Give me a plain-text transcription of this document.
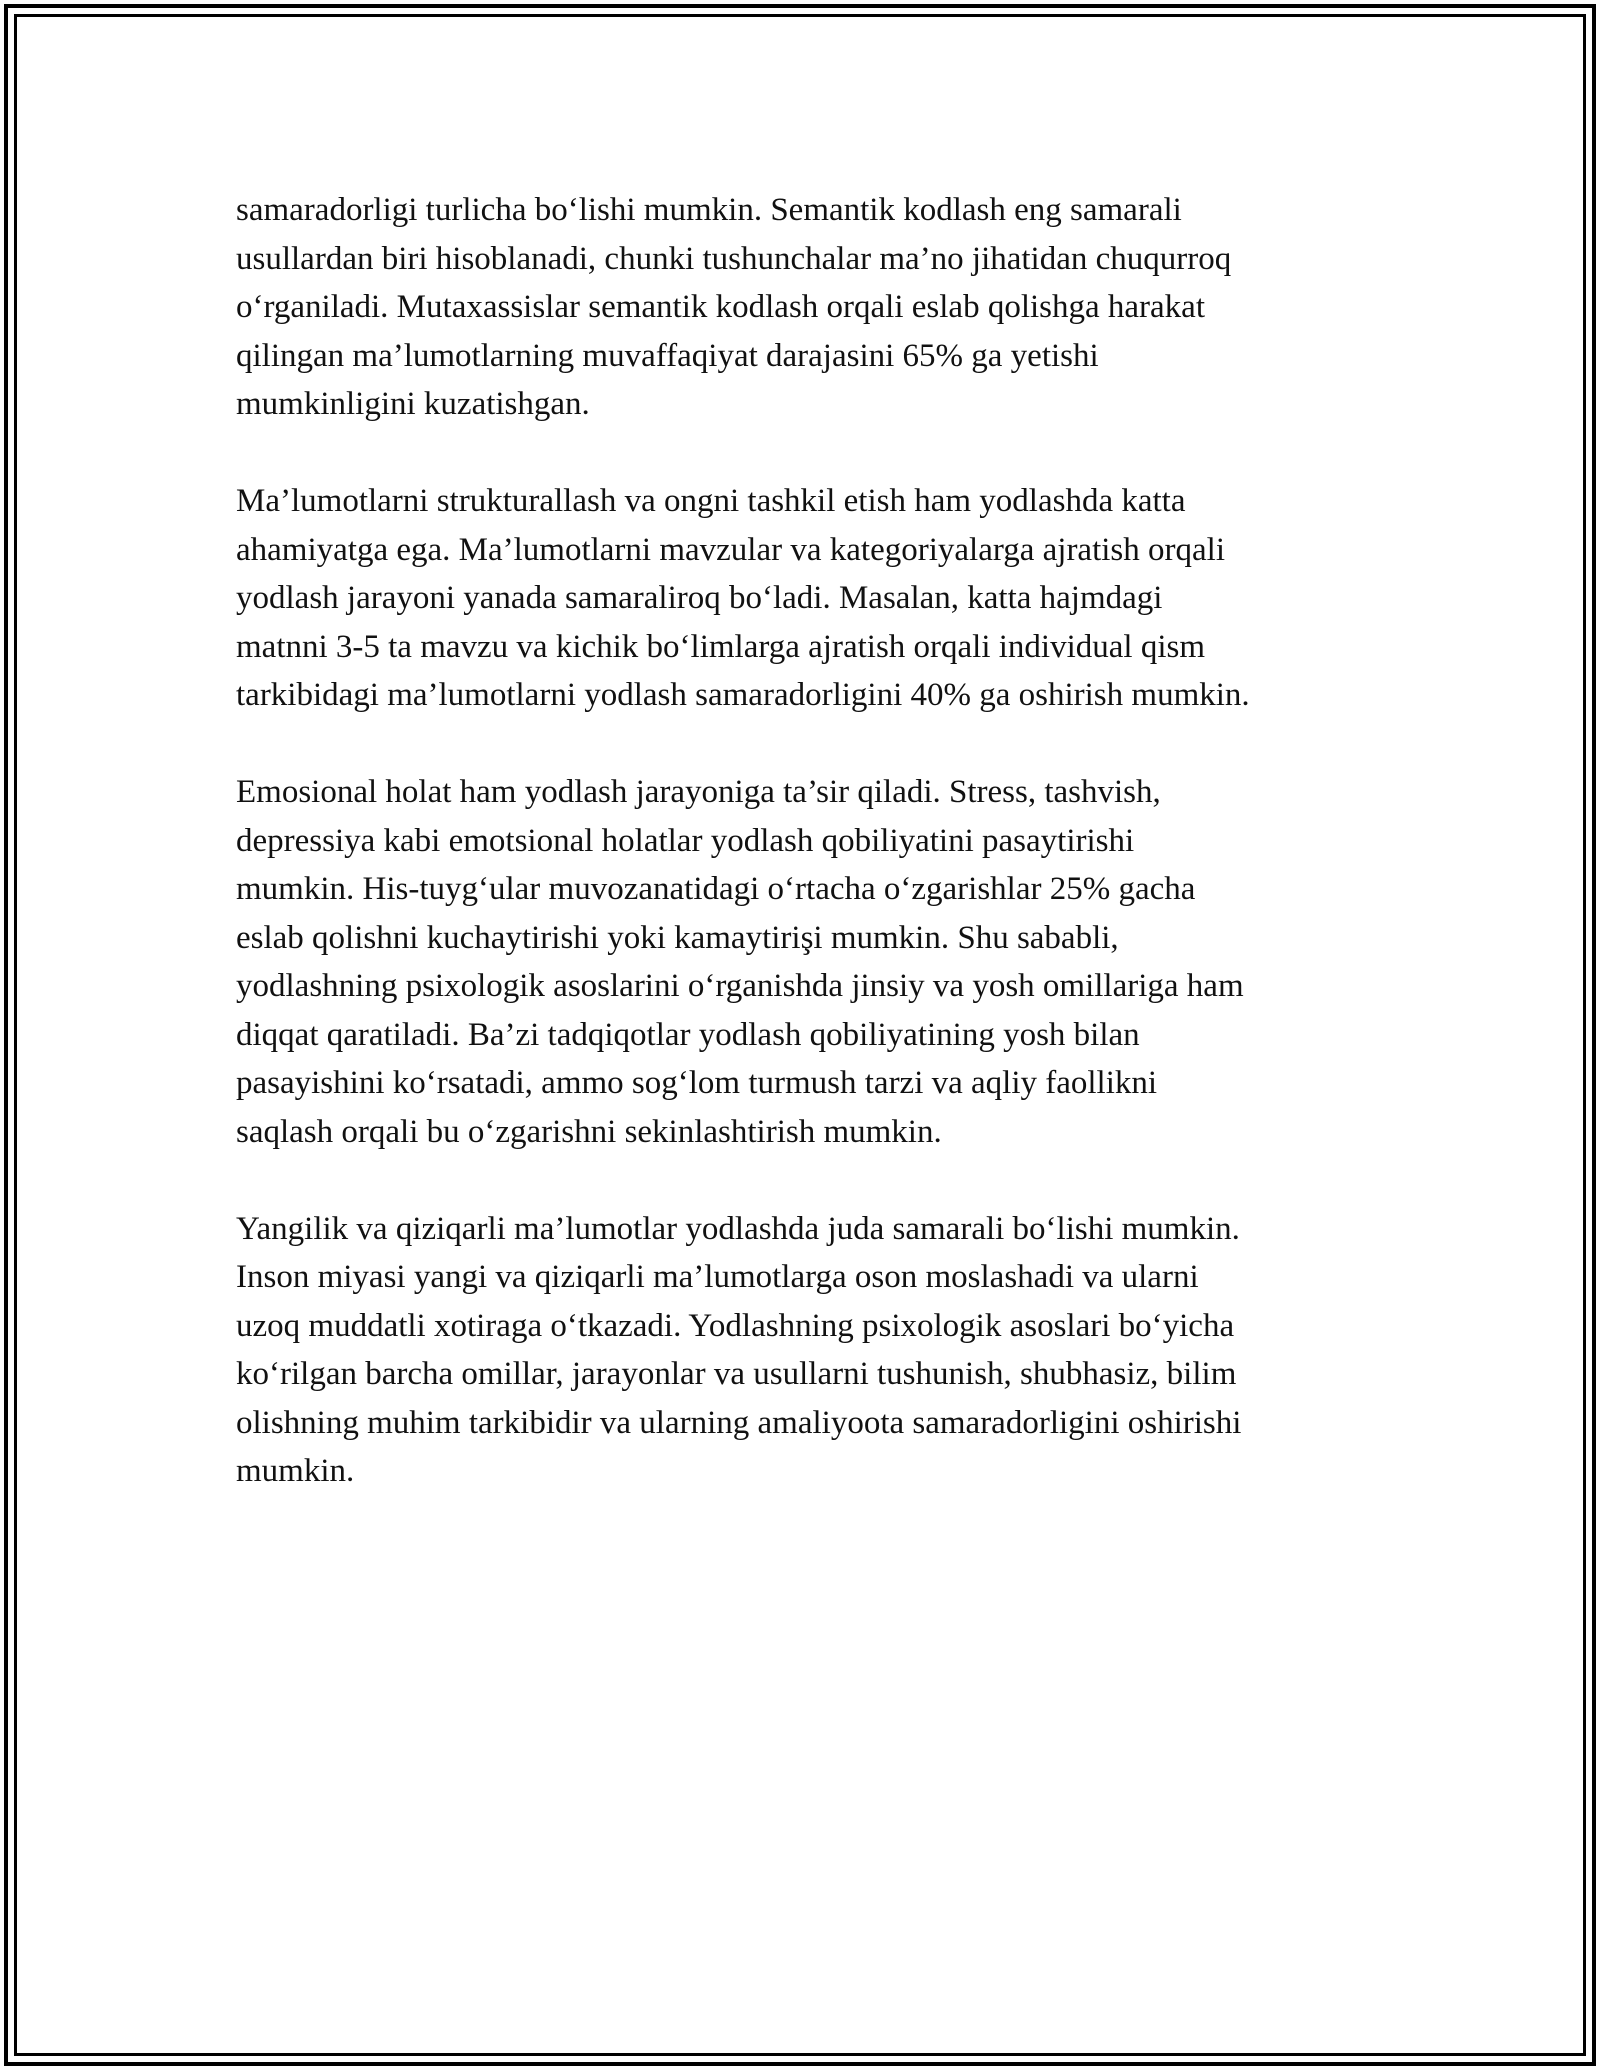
samaradorligi turlicha bo‘lishi mumkin. Semantik kodlash eng samarali
usullardan biri hisoblanadi, chunki tushunchalar ma’no jihatidan chuqurroq
o‘rganiladi. Mutaxassislar semantik kodlash orqali eslab qolishga harakat
qilingan ma’lumotlarning muvaffaqiyat darajasini 65% ga yetishi
mumkinligini kuzatishgan.

Ma’lumotlarni strukturallash va ongni tashkil etish ham yodlashda katta
ahamiyatga ega. Ma’lumotlarni mavzular va kategoriyalarga ajratish orqali
yodlash jarayoni yanada samaraliroq bo‘ladi. Masalan, katta hajmdagi
matnni 3-5 ta mavzu va kichik bo‘limlarga ajratish orqali individual qism
tarkibidagi ma’lumotlarni yodlash samaradorligini 40% ga oshirish mumkin.

Emosional holat ham yodlash jarayoniga ta’sir qiladi. Stress, tashvish,
depressiya kabi emotsional holatlar yodlash qobiliyatini pasaytirishi
mumkin. His-tuyg‘ular muvozanatidagi o‘rtacha o‘zgarishlar 25% gacha
eslab qolishni kuchaytirishi yoki kamaytirişi mumkin. Shu sababli,
yodlashning psixologik asoslarini o‘rganishda jinsiy va yosh omillariga ham
diqqat qaratiladi. Ba’zi tadqiqotlar yodlash qobiliyatining yosh bilan
pasayishini ko‘rsatadi, ammo sog‘lom turmush tarzi va aqliy faollikni
saqlash orqali bu o‘zgarishni sekinlashtirish mumkin.

Yangilik va qiziqarli ma’lumotlar yodlashda juda samarali bo‘lishi mumkin.
Inson miyasi yangi va qiziqarli ma’lumotlarga oson moslashadi va ularni
uzoq muddatli xotiraga o‘tkazadi. Yodlashning psixologik asoslari bo‘yicha
ko‘rilgan barcha omillar, jarayonlar va usullarni tushunish, shubhasiz, bilim
olishning muhim tarkibidir va ularning amaliyoota samaradorligini oshirishi
mumkin.
